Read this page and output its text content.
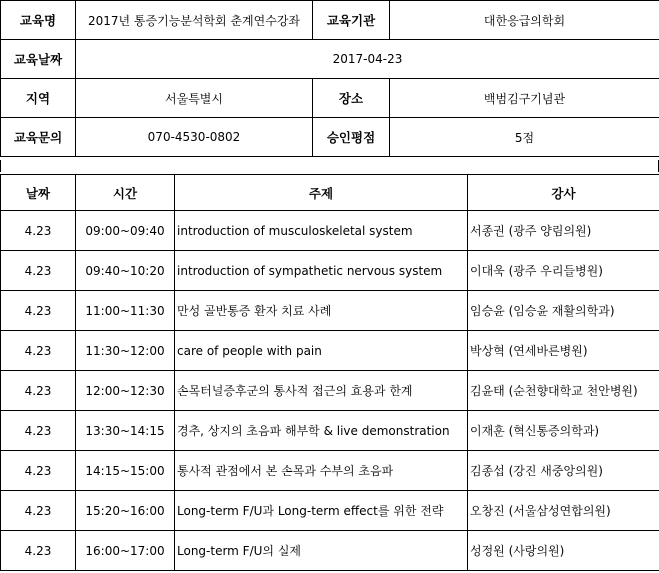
교육명	2017년 통증기능분석학회 춘계연수강좌	교육기관	대한응급의학회
교육날짜	2017-04-23		
지역	서울특별시	장소	백범김구기념관
교육문의	070-4530-0802	승인평점	5점
날짜	시간	주제	강사
4.23	09:00~09:40	introduction of musculoskeletal system	서종권 (광주 양림의원)
4.23	09:40~10:20	introduction of sympathetic nervous system	이대욱 (광주 우리들병원)
4.23	11:00~11:30	만성 골반통증 환자 치료 사례	임승윤 (임승윤 재활의학과)
4.23	11:30~12:00	care of people with pain	박상혁 (연세바른병원)
4.23	12:00~12:30	손목터널증후군의 통사적 접근의 효용과 한계	김윤태 (순천향대학교 천안병원)
4.23	13:30~14:15	경추, 상지의 초음파 해부학 & live demonstration	이재훈 (혁신통증의학과)
4.23	14:15~15:00	통사적 관점에서 본 손목과 수부의 초음파	김종섭 (강진 새중앙의원)
4.23	15:20~16:00	Long-term F/U과 Long-term effect를 위한 전략	오창진 (서울삼성연합의원)
4.23	16:00~17:00	Long-term F/U의 실제	성정원 (사랑의원)
